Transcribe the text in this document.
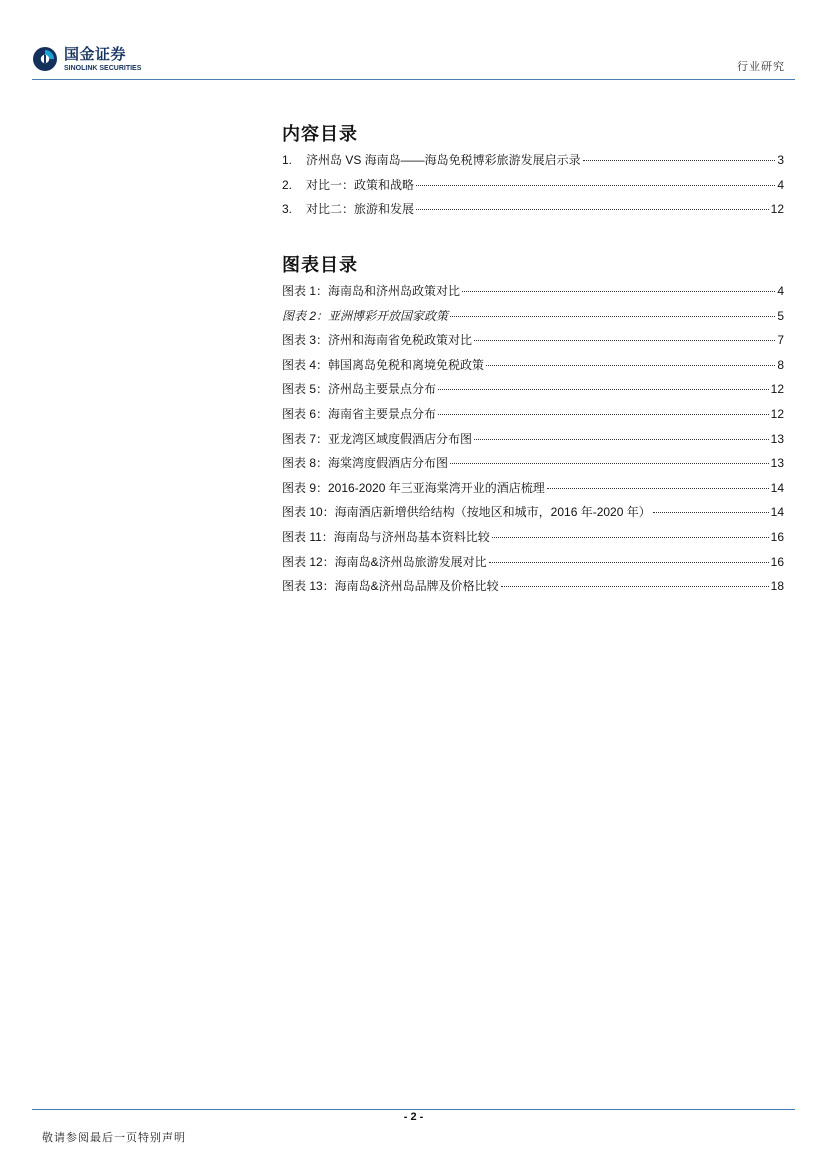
国金证券
SINOLINK SECURITIES	行业研究
内容目录
1.	济州岛 VS 海南岛——海岛免税博彩旅游发展启示录	3
2.	对比一：政策和战略	4
3.	对比二：旅游和发展	12
图表目录
图表 1：海南岛和济州岛政策对比	4
图表 2：亚洲博彩开放国家政策	5
图表 3：济州和海南省免税政策对比	7
图表 4：韩国离岛免税和离境免税政策	8
图表 5：济州岛主要景点分布	12
图表 6：海南省主要景点分布	12
图表 7：亚龙湾区域度假酒店分布图	13
图表 8：海棠湾度假酒店分布图	13
图表 9：2016-2020 年三亚海棠湾开业的酒店梳理	14
图表 10：海南酒店新增供给结构（按地区和城市，2016 年-2020 年）	14
图表 11：海南岛与济州岛基本资料比较	16
图表 12：海南岛&济州岛旅游发展对比	16
图表 13：海南岛&济州岛品牌及价格比较	18
- 2 -
敬请参阅最后一页特别声明
